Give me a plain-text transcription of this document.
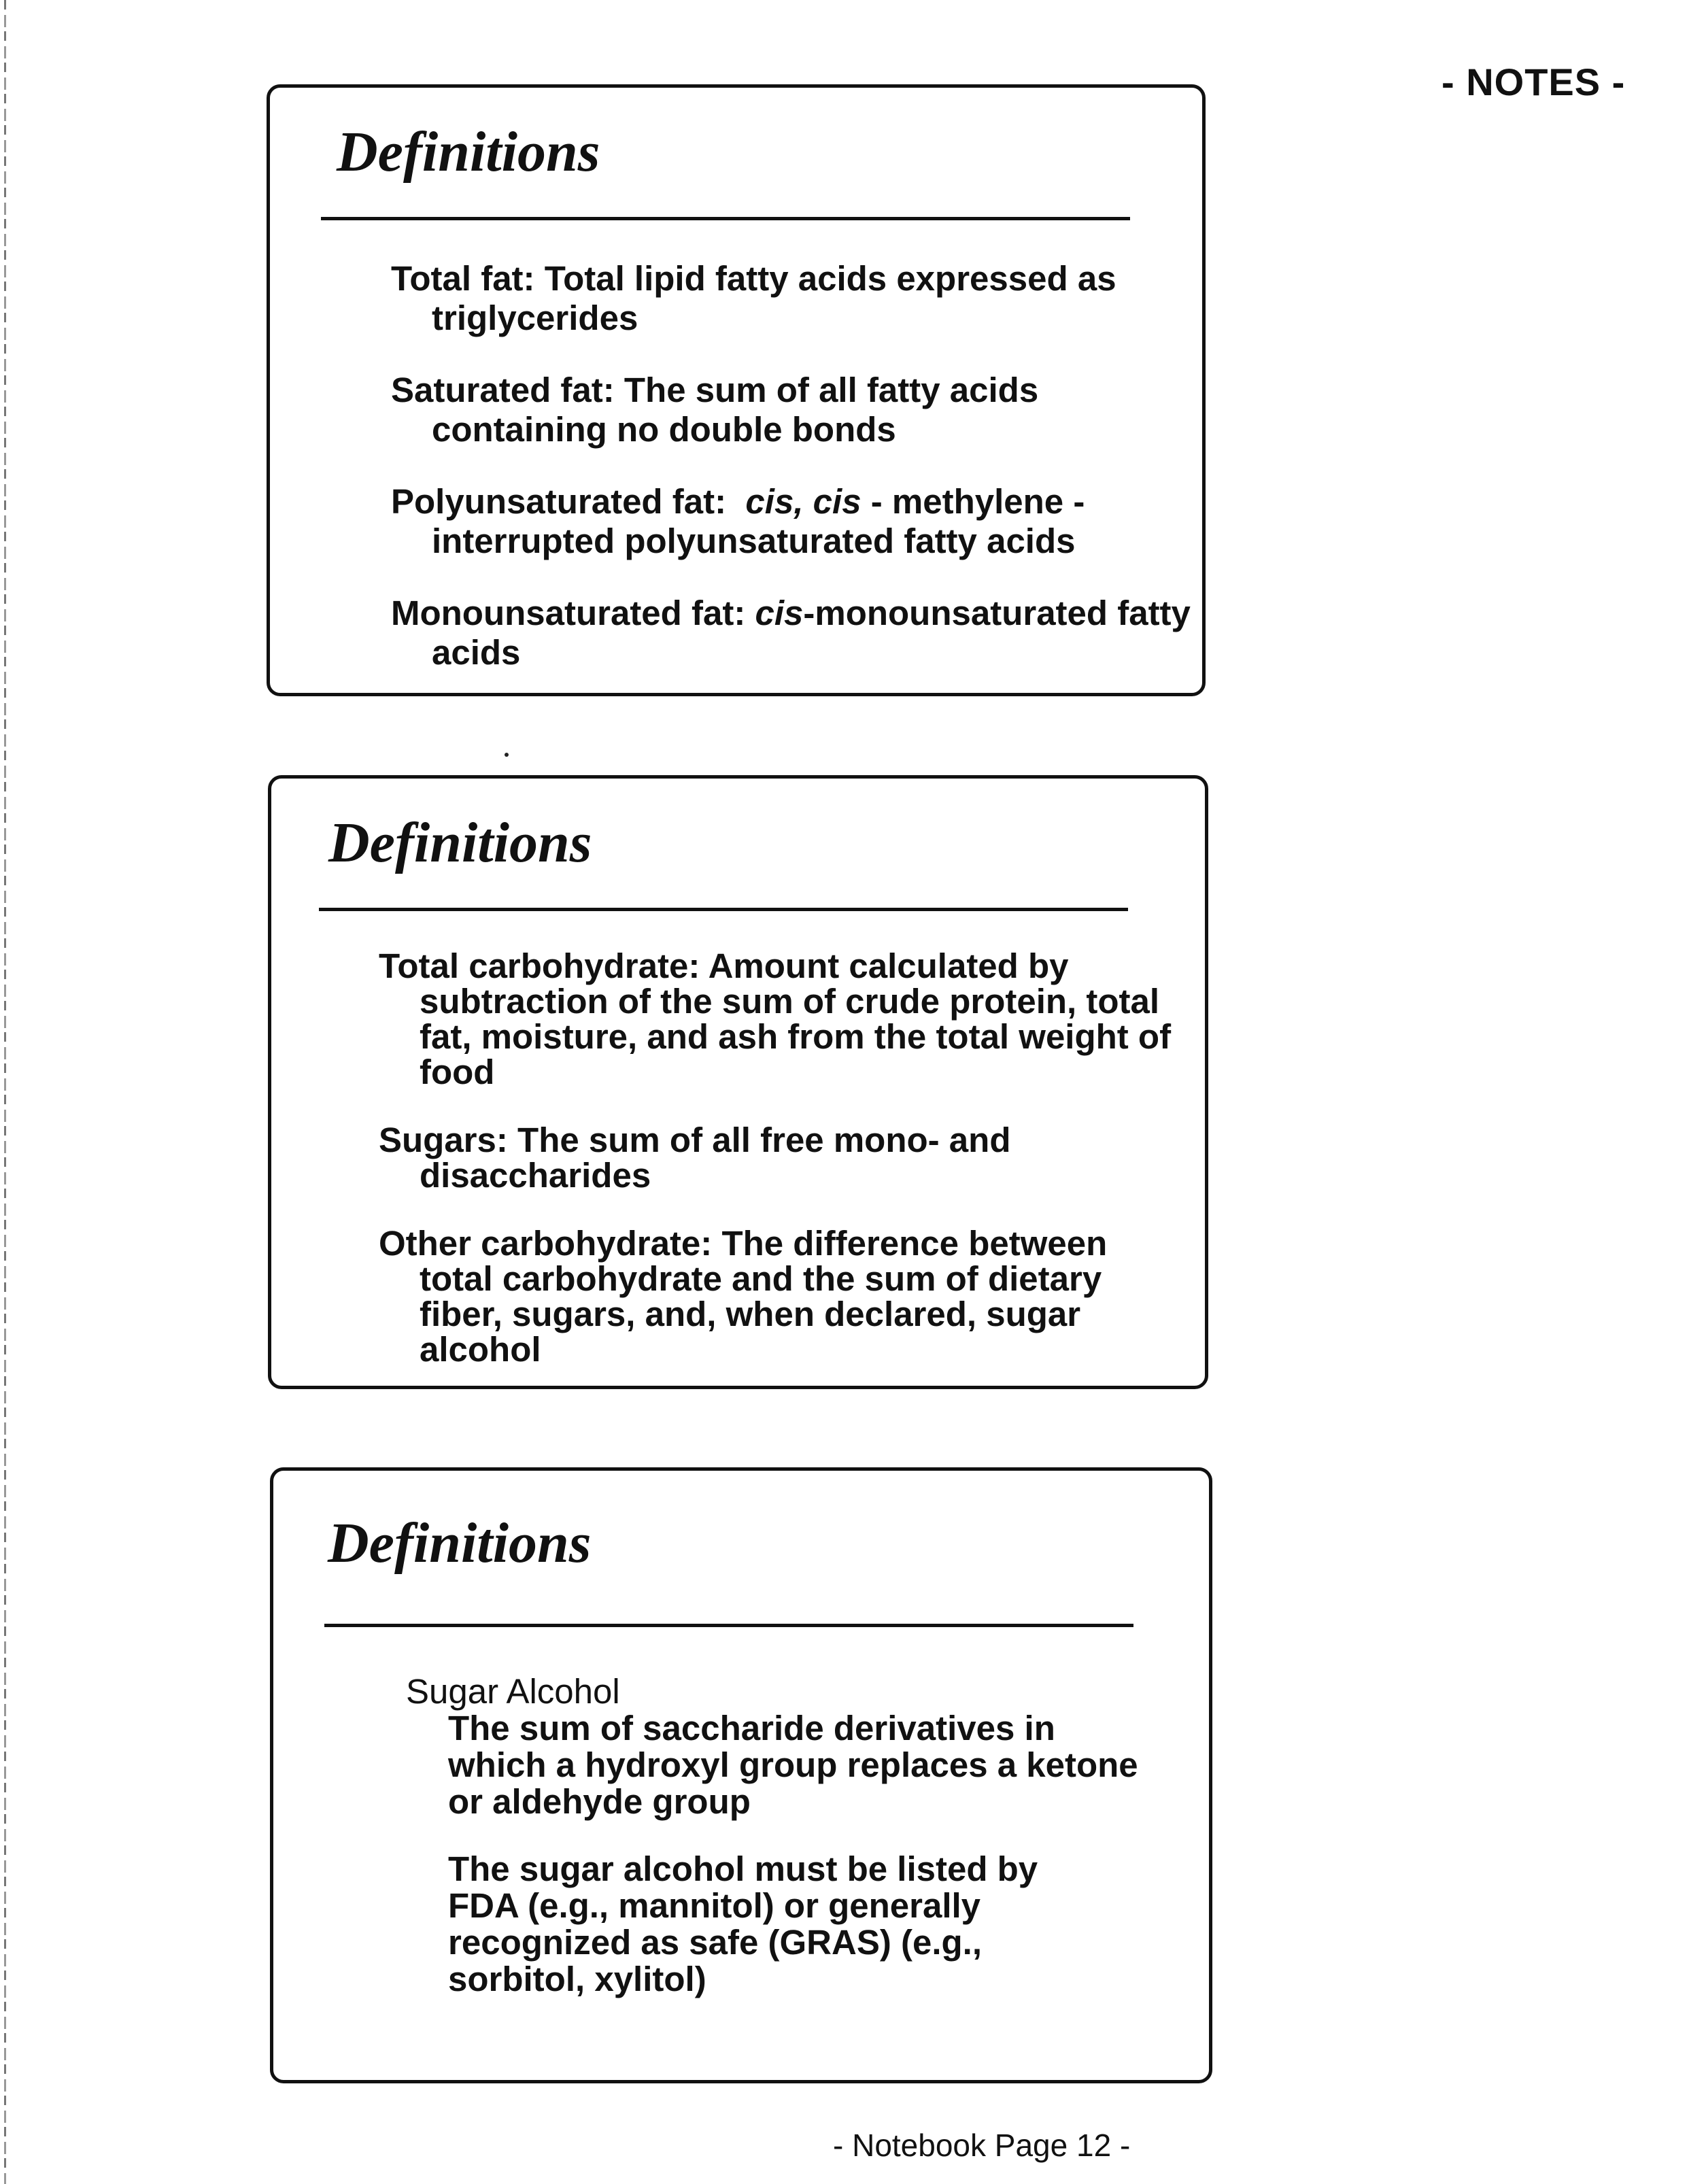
- NOTES -
Definitions
Total fat: Total lipid fatty acids expressed as triglycerides
Saturated fat: The sum of all fatty acids containing no double bonds
Polyunsaturated fat: cis, cis - methylene - interrupted polyunsaturated fatty acids
Monounsaturated fat: cis-monounsaturated fatty acids
Definitions
Total carbohydrate: Amount calculated by subtraction of the sum of crude protein, total fat, moisture, and ash from the total weight of food
Sugars: The sum of all free mono- and disaccharides
Other carbohydrate: The difference between total carbohydrate and the sum of dietary fiber, sugars, and, when declared, sugar alcohol
Definitions
Sugar Alcohol
The sum of saccharide derivatives in which a hydroxyl group replaces a ketone or aldehyde group
The sugar alcohol must be listed by FDA (e.g., mannitol) or generally recognized as safe (GRAS) (e.g., sorbitol, xylitol)
- Notebook Page 12 -
